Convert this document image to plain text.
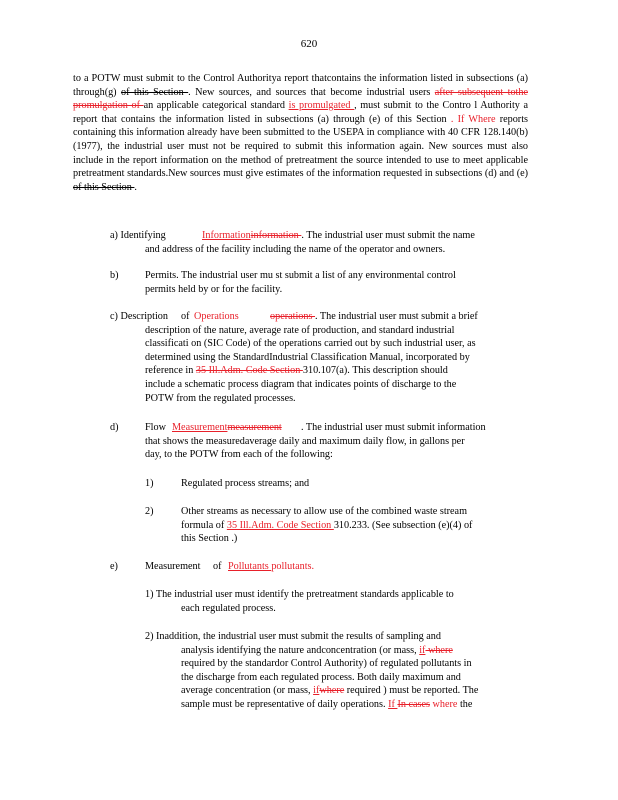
620
to a POTW must submit to the Control Authoritya report thatcontains the information listed in subsections (a) through(g) of this Section . New sources, and sources that become industrial users after subsequent tothe promulgation of an applicable categorical standard is promulgated , must submit to the Contro l Authority a report that contains the information listed in subsections (a) through (e) of this Section . If Where reports containing this information already have been submitted to the USEPA in compliance with 40 CFR 128.140(b) (1977), the industrial user must not be required to submit this information again. New sources must also include in the report information on the method of pretreatment the source intended to use to meet applicable pretreatment standards.New sources must give estimates of the information requested in subsections (d) and (e) of this Section .
a) Identifying	Informationinformation . The industrial user must submit the name
and address of the facility including the name of the operator and owners.
b)	Permits. The industrial user mu st submit a list of any environmental control
permits held by or for the facility.
c) Description of Operations	operations . The industrial user must submit a brief
description of the nature, average rate of production, and standard industrial
classificati on (SIC Code) of the operations carried out by such industrial user, as
determined using the StandardIndustrial Classification Manual, incorporated by
reference in 35 Ill.Adm. Code Section 310.107(a). This description should
include a schematic process diagram that indicates points of discharge to the
POTW from the regulated processes.
d)	Flow Measurementmeasurement . The industrial user must submit information
that shows the measuredaverage daily and maximum daily flow, in gallons per
day, to the POTW from each of the following:
1)	Regulated process streams; and
2)	Other streams as necessary to allow use of the combined waste stream
formula of 35 Ill.Adm. Code Section 310.233. (See subsection (e)(4) of
this Section .)
e)	Measurement of Pollutants pollutants.
1) The industrial user must identify the pretreatment standards applicable to
each regulated process.
2) Inaddition, the industrial user must submit the results of sampling and
analysis identifying the nature andconcentration (or mass, if where
required by the standardor Control Authority) of regulated pollutants in
the discharge from each regulated process. Both daily maximum and
average concentration (or mass, ifwhere required ) must be reported. The
sample must be representative of daily operations. If In cases where the
